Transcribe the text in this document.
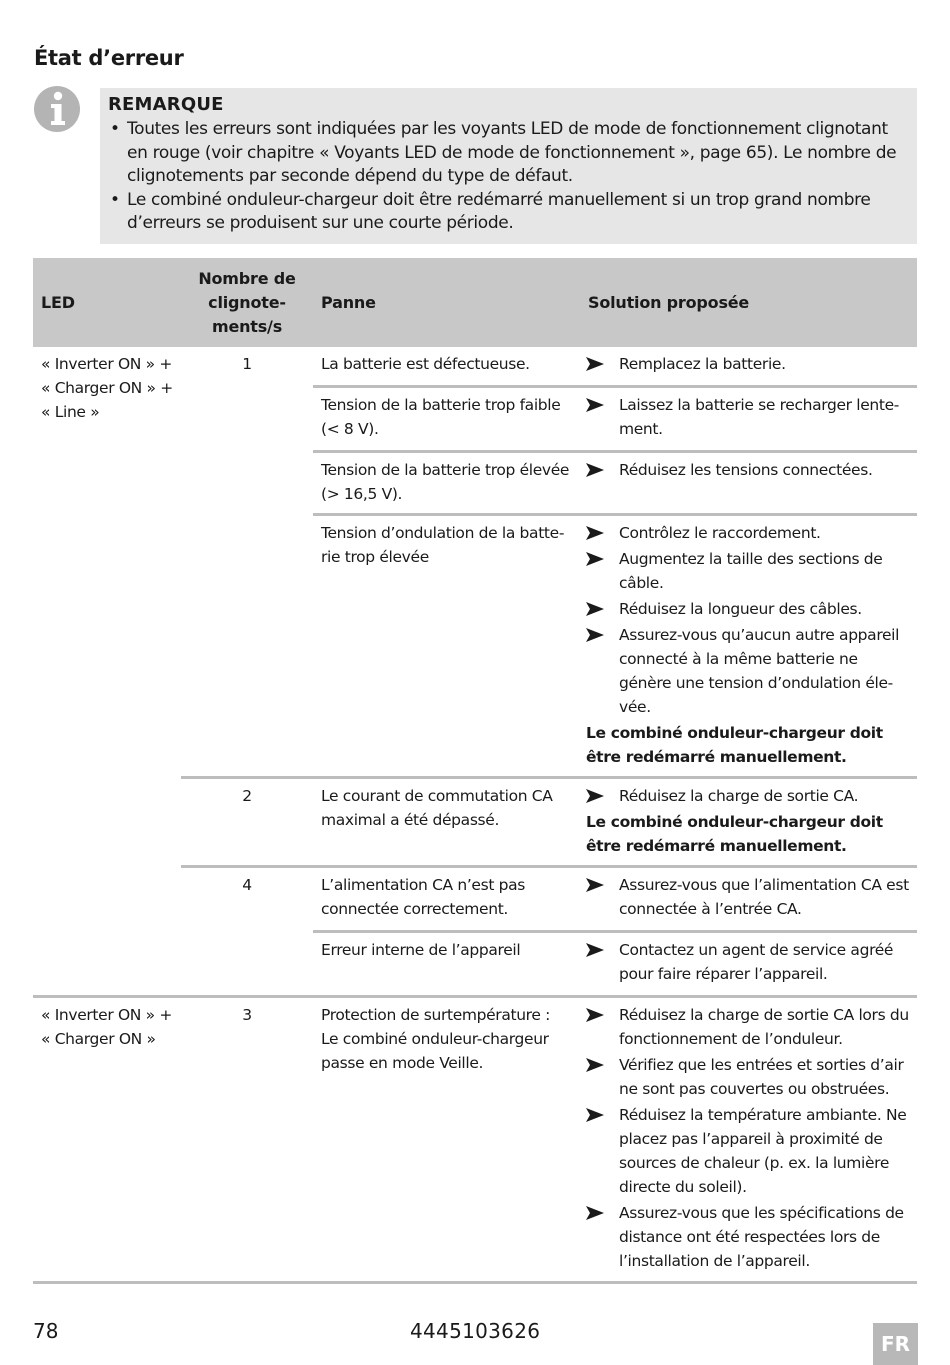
État d’erreur
REMARQUE
• Toutes les erreurs sont indiquées par les voyants LED de mode de fonctionnement clignotant en rouge (voir chapitre « Voyants LED de mode de fonctionnement », page 65). Le nombre de clignotements par seconde dépend du type de défaut.
• Le combiné onduleur-chargeur doit être redémarré manuellement si un trop grand nombre d’erreurs se produisent sur une courte période.
LED	Nombre de clignote-ments/s	Panne	Solution proposée
« Inverter ON » + « Charger ON » + « Line »	1	La batterie est défectueuse.	Remplacez la batterie.

		Tension de la batterie trop faible (< 8 V).	Laissez la batterie se recharger lente-ment.

		Tension de la batterie trop élevée (> 16,5 V).	Réduisez les tensions connectées.

		Tension d’ondulation de la batte-rie trop élevée	Contrôlez le raccordement.
Augmentez la taille des sections de câble.
Réduisez la longueur des câbles.
Assurez-vous qu’aucun autre appareil connecté à la même batterie ne génère une tension d’ondulation éle-vée.
Le combiné onduleur-chargeur doit être redémarré manuellement.

	2	Le courant de commutation CA maximal a été dépassé.	Réduisez la charge de sortie CA.
Le combiné onduleur-chargeur doit être redémarré manuellement.

	4	L’alimentation CA n’est pas connectée correctement.	Assurez-vous que l’alimentation CA est connectée à l’entrée CA.

		Erreur interne de l’appareil	Contactez un agent de service agréé pour faire réparer l’appareil.

« Inverter ON » + « Charger ON »	3	Protection de surtempérature : Le combiné onduleur-chargeur passe en mode Veille.	Réduisez la charge de sortie CA lors du fonctionnement de l’onduleur.
Vérifiez que les entrées et sorties d’air ne sont pas couvertes ou obstruées.
Réduisez la température ambiante. Ne placez pas l’appareil à proximité de sources de chaleur (p. ex. la lumière directe du soleil).
Assurez-vous que les spécifications de distance ont été respectées lors de l’installation de l’appareil.
78	4445103626
FR
